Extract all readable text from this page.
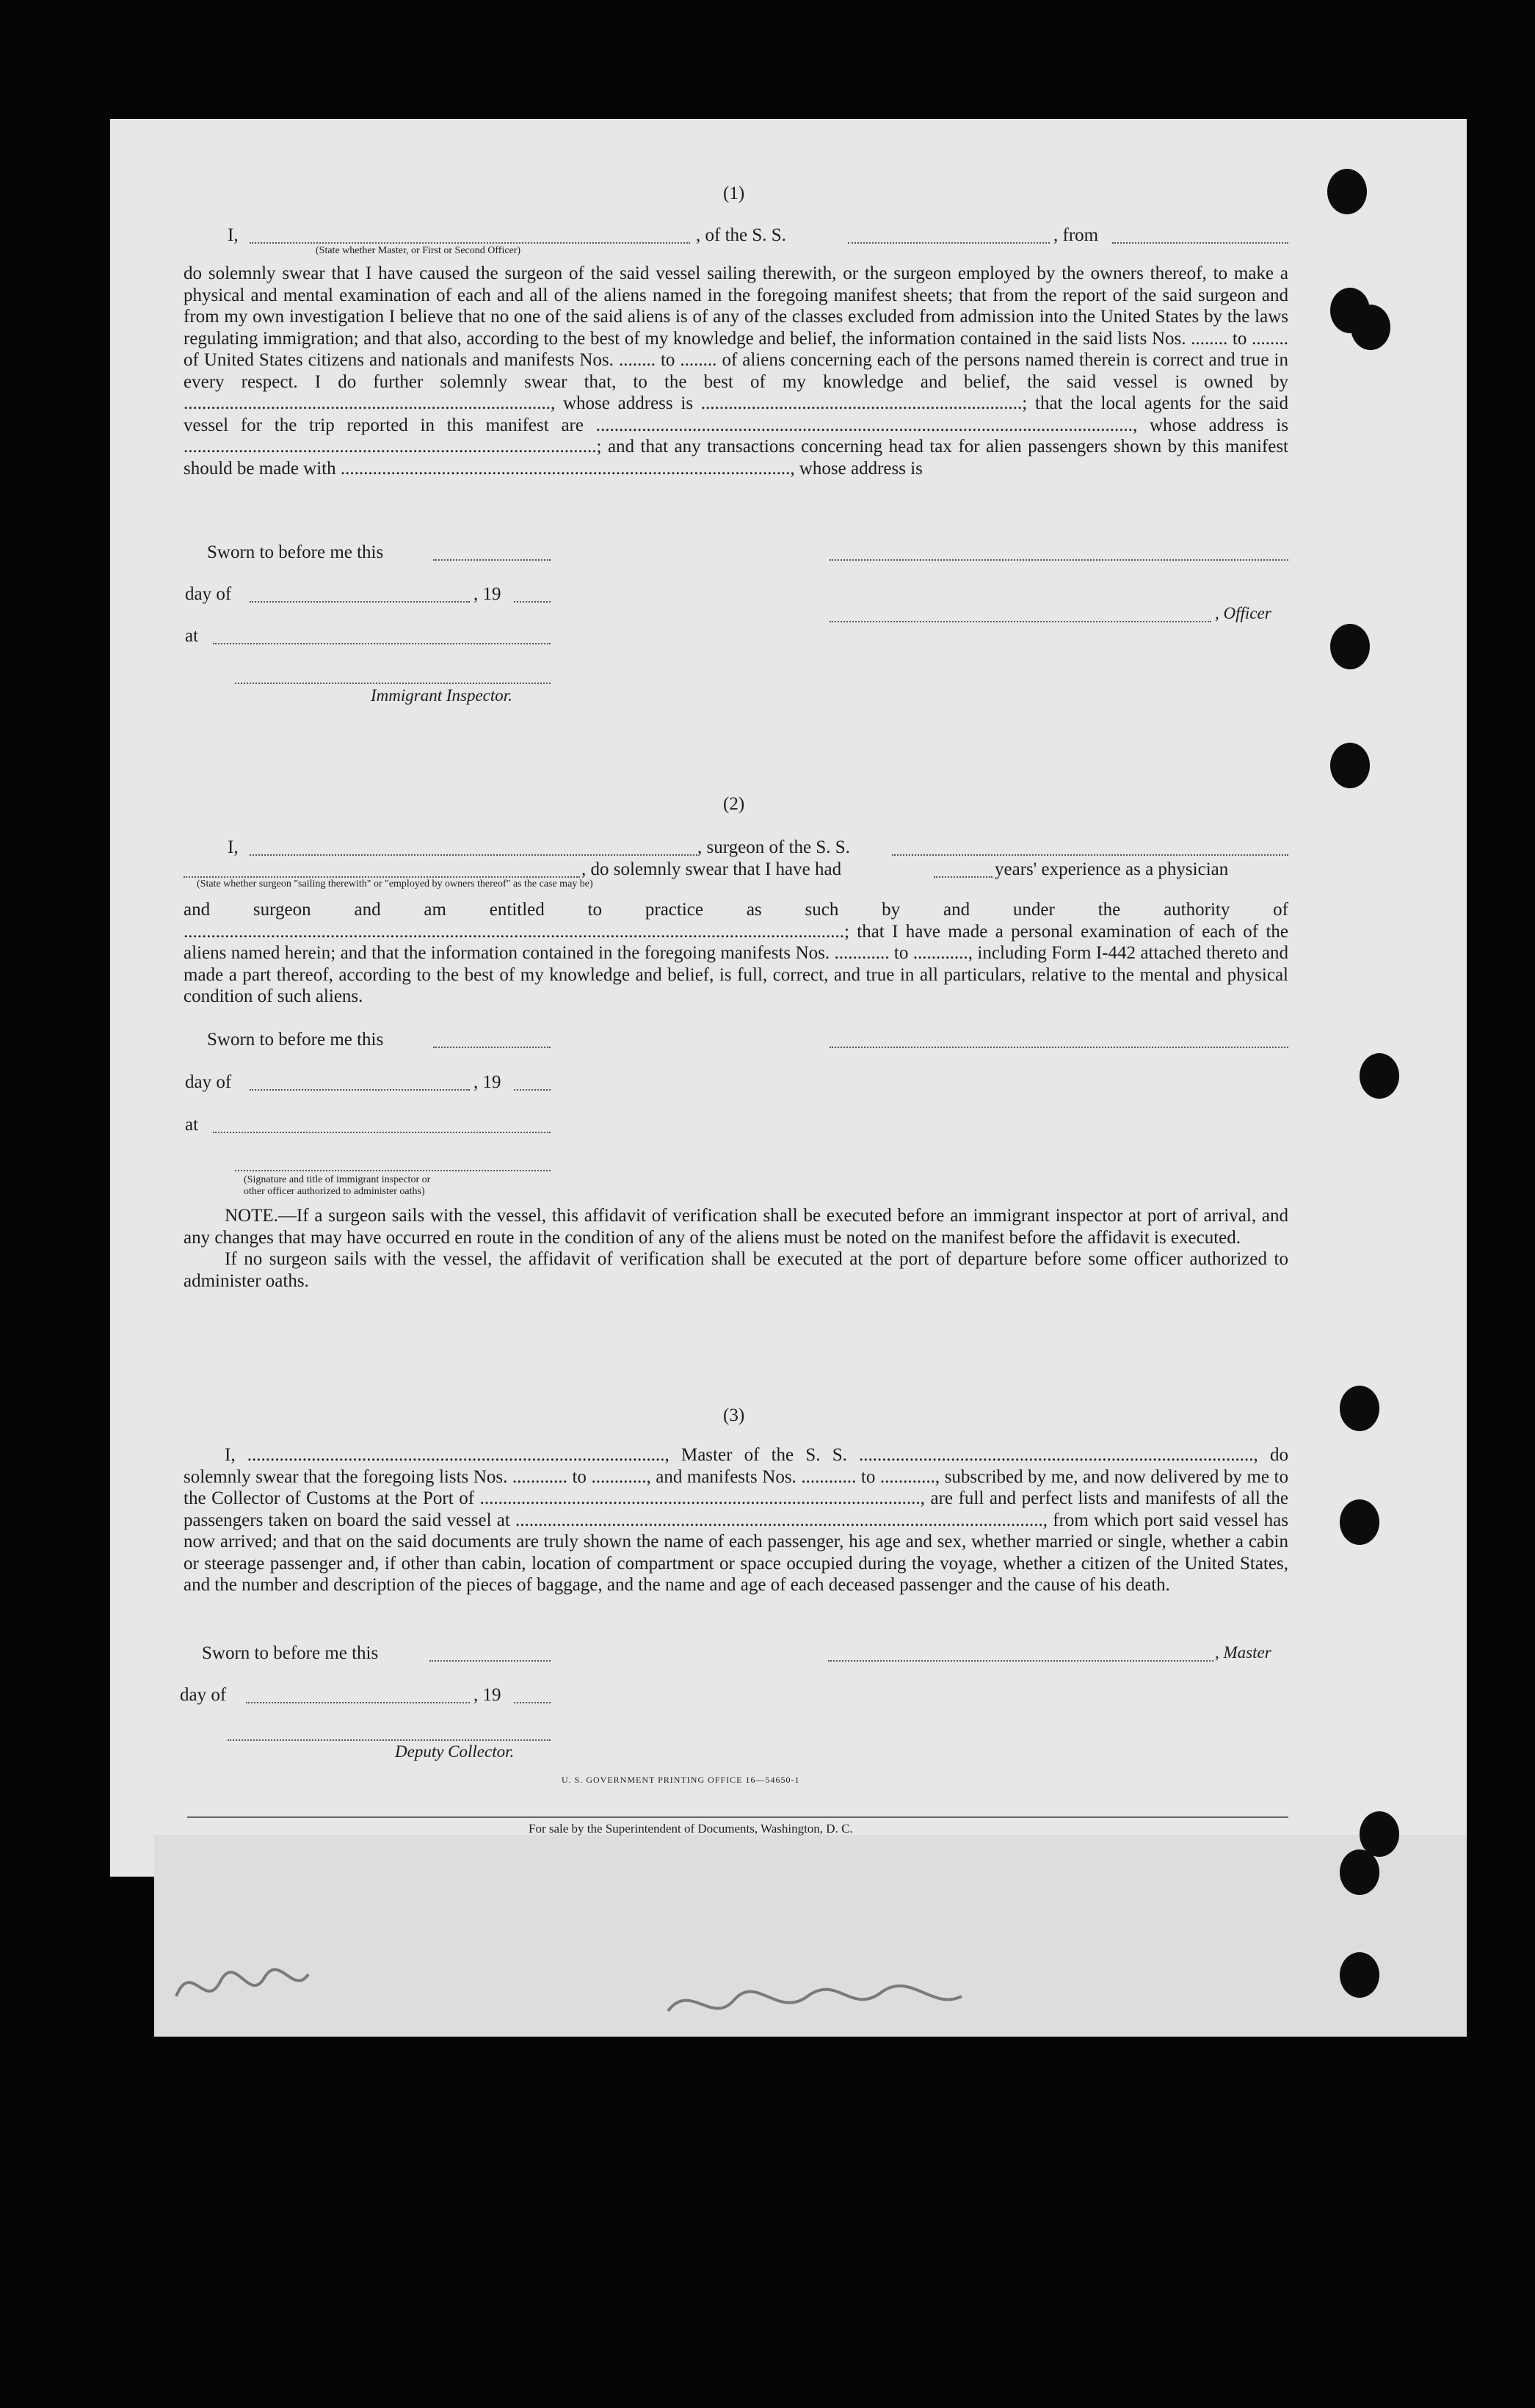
(1)
I,	, of the S. S.	, from
(State whether Master, or First or Second Officer)
do solemnly swear that I have caused the surgeon of the said vessel sailing therewith, or the surgeon employed by the owners thereof, to make a physical and mental examination of each and all of the aliens named in the foregoing manifest sheets; that from the report of the said surgeon and from my own investigation I believe that no one of the said aliens is of any of the classes excluded from admission into the United States by the laws regulating immigration; and that also, according to the best of my knowledge and belief, the information contained in the said lists Nos. ........ to ........ of United States citizens and nationals and manifests Nos. ........ to ........ of aliens concerning each of the persons named therein is correct and true in every respect. I do further solemnly swear that, to the best of my knowledge and belief, the said vessel is owned by ................................................................................, whose address is ......................................................................; that the local agents for the said vessel for the trip reported in this manifest are ....................................................................................................................., whose address is ..........................................................................................; and that any transactions concerning head tax for alien passengers shown by this manifest should be made with .................................................................................................., whose address is
Sworn to before me this
day of	, 19
, Officer
at
Immigrant Inspector.
(2)
I,	, surgeon of the S. S.
, do solemnly swear that I have had	years' experience as a physician
(State whether surgeon "sailing therewith" or "employed by owners thereof" as the case may be)
and surgeon and am entitled to practice as such by and under the authority of ................................................................................................................................................; that I have made a personal examination of each of the aliens named herein; and that the information contained in the foregoing manifests Nos. ............ to ............, including Form I-442 attached thereto and made a part thereof, according to the best of my knowledge and belief, is full, correct, and true in all particulars, relative to the mental and physical condition of such aliens.
Sworn to before me this
day of	, 19
at
(Signature and title of immigrant inspector or
other officer authorized to administer oaths)

NOTE.—If a surgeon sails with the vessel, this affidavit of verification shall be executed before an immigrant inspector at port of arrival, and any changes that may have occurred en route in the condition of any of the aliens must be noted on the manifest before the affidavit is executed.

If no surgeon sails with the vessel, the affidavit of verification shall be executed at the port of departure before some officer authorized to administer oaths.

(3)

I, ..........................................................................................., Master of the S. S. ......................................................................................, do solemnly swear that the foregoing lists Nos. ............ to ............, and manifests Nos. ............ to ............, subscribed by me, and now delivered by me to the Collector of Customs at the Port of ................................................................................................, are full and perfect lists and manifests of all the passengers taken on board the said vessel at ..................................................................................................................., from which port said vessel has now arrived; and that on the said documents are truly shown the name of each passenger, his age and sex, whether married or single, whether a cabin or steerage passenger and, if other than cabin, location of compartment or space occupied during the voyage, whether a citizen of the United States, and the number and description of the pieces of baggage, and the name and age of each deceased passenger and the cause of his death.

Sworn to before me this	, Master
day of	, 19
Deputy Collector.
U. S. GOVERNMENT PRINTING OFFICE 16—54650-1
For sale by the Superintendent of Documents, Washington, D. C.
